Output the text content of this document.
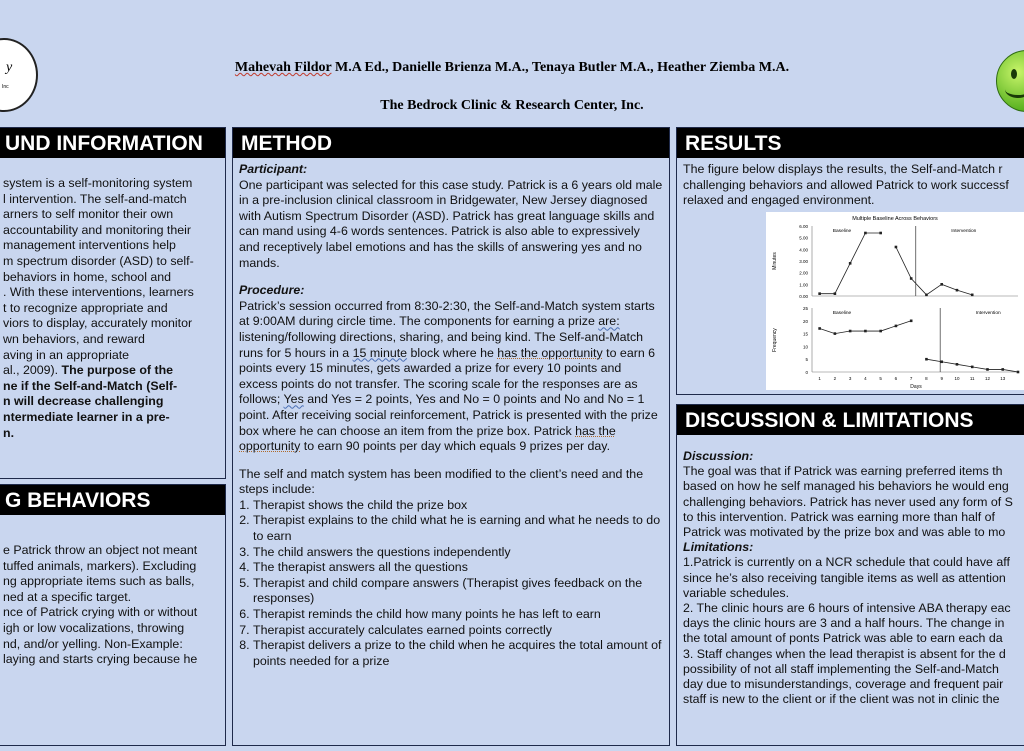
y
Inc
Mahevah Fildor M.A Ed., Danielle Brienza M.A., Tenaya Butler M.A., Heather Ziemba M.A.
The Bedrock Clinic & Research Center, Inc.
UND INFORMATION
system is a self-monitoring system
l intervention. The self-and-match
arners to self monitor their own
accountability and monitoring their
management interventions help
m spectrum disorder (ASD) to self-
behaviors in home, school and
. With these interventions, learners
t to recognize appropriate and
viors to display, accurately monitor
wn behaviors, and reward
aving in an appropriate
al., 2009). The purpose of the
ne if the Self-and-Match (Self-
n will decrease challenging
ntermediate learner in a pre-
n.
G BEHAVIORS
e Patrick throw an object not meant
tuffed animals, markers). Excluding
ng appropriate items such as balls,
ned at a specific target.
nce of Patrick crying with or without
igh or low vocalizations, throwing
nd, and/or yelling. Non-Example:
laying and starts crying because he
METHOD

Participant:

One participant was selected for this case study. Patrick is a 6 years old male in a pre-inclusion clinical classroom in Bridgewater, New Jersey diagnosed with Autism Spectrum Disorder (ASD). Patrick has great language skills and can mand using 4-6 words sentences. Patrick is also able to expressively and receptively label emotions and has the skills of answering yes and no mands.

Procedure:

Patrick’s session occurred from 8:30-2:30, the Self-and-Match system starts at 9:00AM during circle time. The components for earning a prize are: listening/following directions, sharing, and being kind. The Self-and-Match runs for 5 hours in a 15 minute block where he has the opportunity to earn 6 points every 15 minutes, gets awarded a prize for every 10 points and excess points do not transfer. The scoring scale for the responses are as follows; Yes and Yes = 2 points, Yes and No = 0 points and No and No = 1 point. After receiving social reinforcement, Patrick is presented with the prize box where he can choose an item from the prize box. Patrick has the opportunity to earn 90 points per day which equals 9 prizes per day.

The self and match system has been modified to the client’s need and the steps include:

1. Therapist shows the child the prize box
2. Therapist explains to the child what he is earning and what he needs to do to earn
3. The child answers the questions independently
4. The therapist answers all the questions
5. Therapist and child compare answers (Therapist gives feedback on the responses)
6. Therapist reminds the child how many points he has left to earn
7. Therapist accurately calculates earned points correctly
8. Therapist delivers a prize to the child when he acquires the total amount of points needed for a prize
RESULTS
The figure below displays the results, the Self-and-Match r
challenging behaviors and allowed Patrick to work successf
relaxed and engaged environment.
DISCUSSION & LIMITATIONS
Discussion:
The goal was that if Patrick was earning preferred items th
based on how he self managed his behaviors he would eng
challenging behaviors. Patrick has never used any form of S
to this intervention. Patrick was earning more than half of
Patrick was motivated by the prize box and was able to mo
Limitations:
1.Patrick is currently on a NCR schedule that could have aff
since he’s also receiving tangible items as well as attention
variable schedules.
2. The clinic hours are 6 hours of intensive ABA therapy eac
days the clinic hours are 3 and a half hours. The change in
the total amount of ponts Patrick was able to earn each da
3. Staff changes when the lead therapist is absent for the d
possibility of not all staff implementing the Self-and-Match
day due to misunderstandings, coverage and frequent pair
staff is new to the client or if the client was not in clinic the
Multiple Baseline Across Behaviors
6.00
5.00
4.00
3.00
2.00
1.00
0.00
Minutes
Baseline	Intervention
25
20
15
10
5
0
Frequency
Baseline	Intervention
1	2	3	4	5	6	7	8	9	10 11 12 13
Days
